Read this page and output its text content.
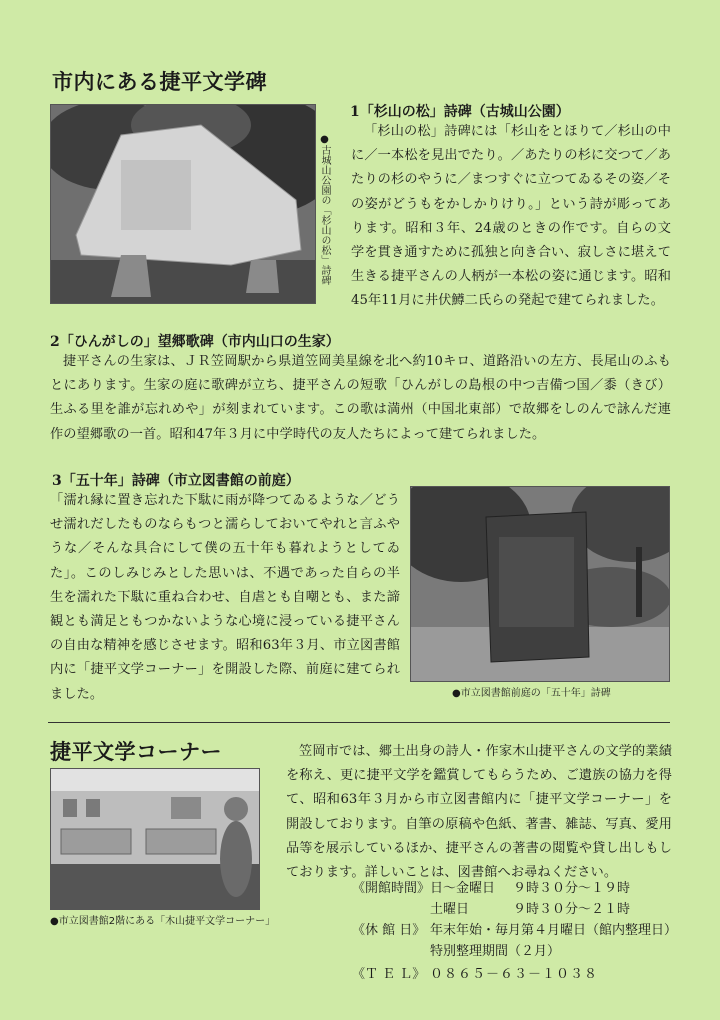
市内にある捷平文学碑
●古城山公園の「杉山の松」詩碑
1「杉山の松」詩碑（古城山公園）

「杉山の松」詩碑には「杉山をとほりて／杉山の中に／一本松を見出でたり。／あたりの杉に交つて／あたりの杉のやうに／まつすぐに立つてゐるその姿／その姿がどうもをかしかりけり。」という詩が彫ってあります。昭和３年、24歳のときの作です。自らの文学を貫き通すために孤独と向き合い、寂しさに堪えて生きる捷平さんの人柄が一本松の姿に通じます。昭和45年11月に井伏鱒二氏らの発起で建てられました。

2「ひんがしの」望郷歌碑（市内山口の生家）

捷平さんの生家は、ＪＲ笠岡駅から県道笠岡美星線を北へ約10キロ、道路沿いの左方、長尾山のふもとにあります。生家の庭に歌碑が立ち、捷平さんの短歌「ひんがしの島根の中つ吉備つ国／黍（きび）生ふる里を誰が忘れめや」が刻まれています。この歌は満州（中国北東部）で故郷をしのんで詠んだ連作の望郷歌の一首。昭和47年３月に中学時代の友人たちによって建てられました。

3「五十年」詩碑（市立図書館の前庭）

「濡れ縁に置き忘れた下駄に雨が降つてゐるような／どうせ濡れだしたものならもつと濡らしておいてやれと言ふやうな／そんな具合にして僕の五十年も暮れようとしてゐた」。このしみじみとした思いは、不遇であった自らの半生を濡れた下駄に重ね合わせ、自虐とも自嘲とも、また諦観とも満足ともつかないような心境に浸っている捷平さんの自由な精神を感じさせます。昭和63年３月、市立図書館内に「捷平文学コーナー」を開設した際、前庭に建てられました。	●市立図書館前庭の「五十年」詩碑
捷平文学コーナー
●市立図書館2階にある「木山捷平文学コーナー」

笠岡市では、郷土出身の詩人・作家木山捷平さんの文学的業績を称え、更に捷平文学を鑑賞してもらうため、ご遺族の協力を得て、昭和63年３月から市立図書館内に「捷平文学コーナー」を開設しております。自筆の原稿や色紙、著書、雑誌、写真、愛用品等を展示しているほか、捷平さんの著書の閲覧や貸し出しもしております。詳しいことは、図書館へお尋ねください。

《開館時間》 日～金曜日 ９時３０分～１９時
土曜日	９時３０分～２１時
《休 館 日》 年末年始・毎月第４月曜日（館内整理日）
特別整理期間（２月）
《Ｔ Ｅ Ｌ》 ０８６５－６３－１０３８
